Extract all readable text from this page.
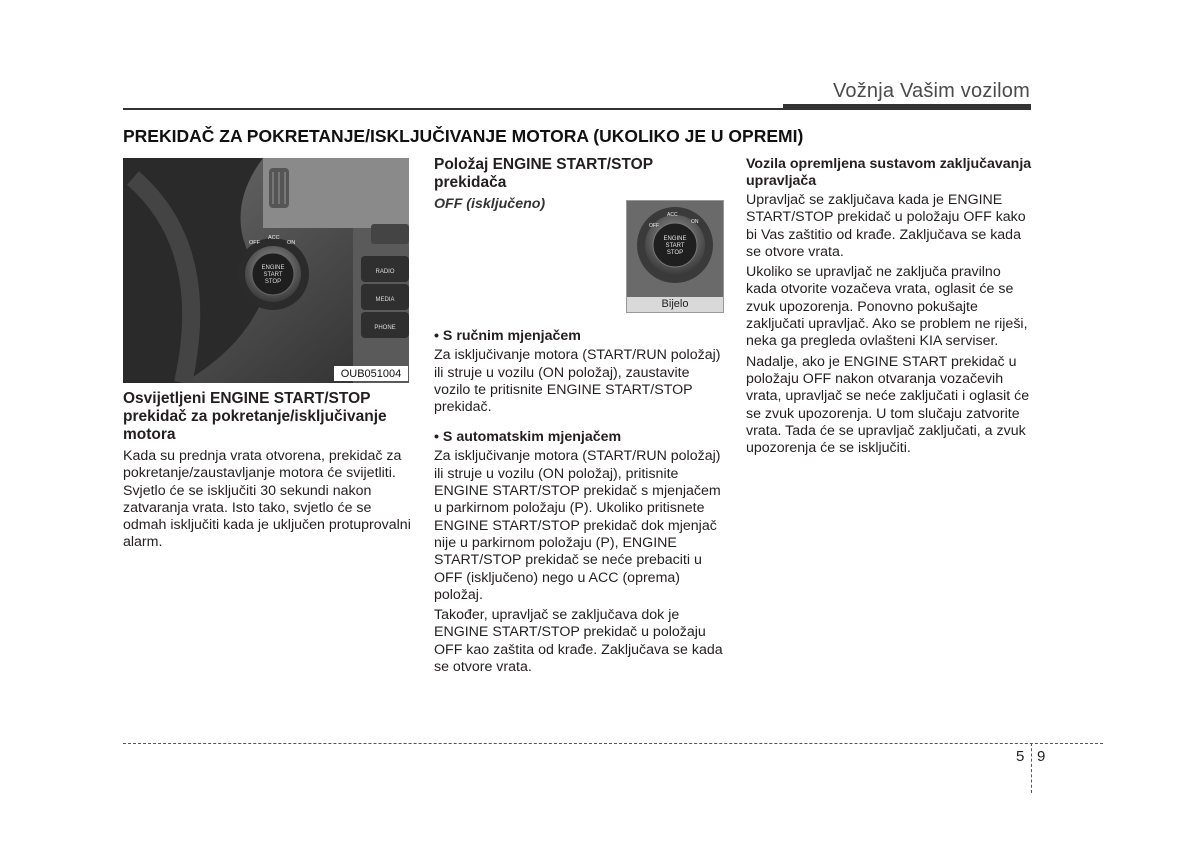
Vožnja Vašim vozilom
PREKIDAČ ZA POKRETANJE/ISKLJUČIVANJE MOTORA (UKOLIKO JE U OPREMI)
ENGINE
START
STOP
OFF
ACC
ON
RADIO
MEDIA
PHONE
OUB051004
ENGINE
START
STOP
OFF
ACC
ON
Bijelo

Osvijetljeni ENGINE START/STOP prekidač za pokretanje/isključivanje motora

Kada su prednja vrata otvorena, prekidač za pokretanje/zaustavljanje motora će svijetliti. Svjetlo će se isključiti 30 sekundi nakon zatvaranja vrata. Isto tako, svjetlo će se odmah isključiti kada je uključen protuprovalni alarm.

Položaj ENGINE START/STOP prekidača

OFF (isključeno)

• S ručnim mjenjačem

Za isključivanje motora (START/RUN položaj) ili struje u vozilu (ON položaj), zaustavite vozilo te pritisnite ENGINE START/STOP prekidač.

• S automatskim mjenjačem

Za isključivanje motora (START/RUN položaj) ili struje u vozilu (ON položaj), pritisnite ENGINE START/STOP prekidač s mjenjačem u parkirnom položaju (P). Ukoliko pritisnete ENGINE START/STOP prekidač dok mjenjač nije u parkirnom položaju (P), ENGINE START/STOP prekidač se neće prebaciti u OFF (isključeno) nego u ACC (oprema) položaj.

Također, upravljač se zaključava dok je ENGINE START/STOP prekidač u položaju OFF kao zaštita od krađe. Zaključava se kada se otvore vrata.

Vozila opremljena sustavom zaključavanja upravljača

Upravljač se zaključava kada je ENGINE START/STOP prekidač u položaju OFF kako bi Vas zaštitio od krađe. Zaključava se kada se otvore vrata.

Ukoliko se upravljač ne zaključa pravilno kada otvorite vozačeva vrata, oglasit će se zvuk upozorenja. Ponovno pokušajte zaključati upravljač. Ako se problem ne riješi, neka ga pregleda ovlašteni KIA serviser.

Nadalje, ako je ENGINE START prekidač u položaju OFF nakon otvaranja vozačevih vrata, upravljač se neće zaključati i oglasit će se zvuk upozorenja. U tom slučaju zatvorite vrata. Tada će se upravljač zaključati, a zvuk upozorenja će se isključiti.

5 9
